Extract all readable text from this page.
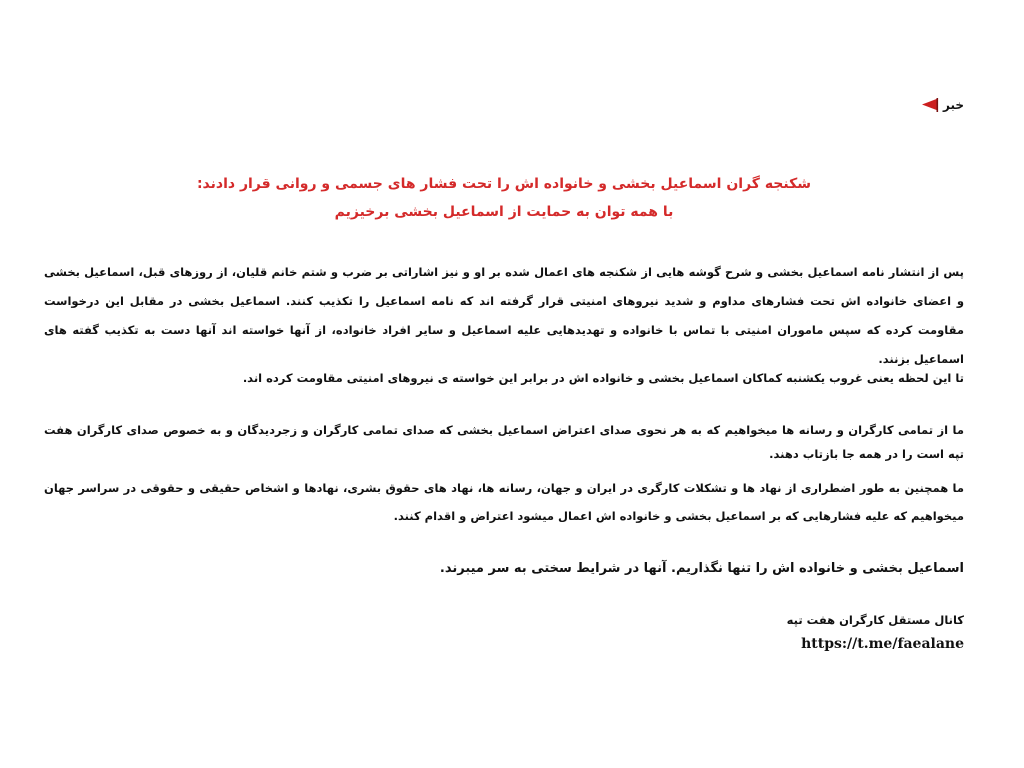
خبر
شکنجه گران اسماعیل بخشی و خانواده اش را تحت فشار های جسمی و روانی قرار دادند:
با همه توان به حمایت از اسماعیل بخشی برخیزیم

پس از انتشار نامه اسماعیل بخشی و شرح گوشه هایی از شکنجه های اعمال شده بر او و نیز اشاراتی بر ضرب و شتم خانم قلیان، از روزهای قبل، اسماعیل بخشی و اعضای خانواده اش تحت فشارهای مداوم و شدید نیروهای امنیتی قرار گرفته اند که نامه اسماعیل را تکذیب کنند. اسماعیل بخشی در مقابل این درخواست مقاومت کرده که سپس ماموران امنیتی با تماس با خانواده و تهدیدهایی علیه اسماعیل و سایر افراد خانواده، از آنها خواسته اند آنها دست به تکذیب گفته های اسماعیل بزنند.

تا این لحظه یعنی غروب یکشنبه کماکان اسماعیل بخشی و خانواده اش در برابر این خواسته ی نیروهای امنیتی مقاومت کرده اند.

ما از تمامی کارگران و رسانه ها میخواهیم که به هر نحوی صدای اعتراض اسماعیل بخشی که صدای تمامی کارگران و زجردیدگان و به خصوص صدای کارگران هفت تپه است را در همه جا بازتاب دهند.

ما همچنین به طور اضطراری از نهاد ها و تشکلات کارگری در ایران و جهان، رسانه ها، نهاد های حقوق بشری، نهادها و اشخاص حقیقی و حقوقی در سراسر جهان میخواهیم که علیه فشارهایی که بر اسماعیل بخشی و خانواده اش اعمال میشود اعتراض و اقدام کنند.

اسماعیل بخشی و خانواده اش را تنها نگذاریم. آنها در شرایط سختی به سر میبرند.
کانال مستقل کارگران هفت تپه
https://t.me/faealane
